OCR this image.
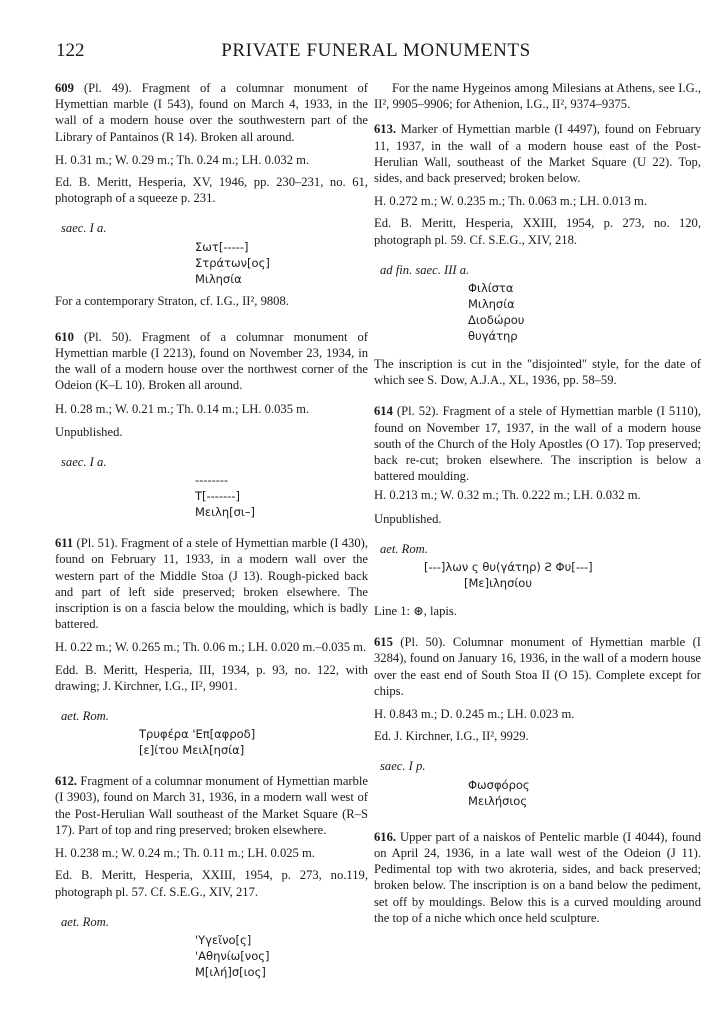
122	PRIVATE FUNERAL MONUMENTS

609 (Pl. 49). Fragment of a columnar monument of Hymettian marble (I 543), found on March 4, 1933, in the wall of a modern house over the southwestern part of the Library of Pantainos (R 14). Broken all around.

H. 0.31 m.; W. 0.29 m.; Th. 0.24 m.; LH. 0.032 m.

Ed. B. Meritt, Hesperia, XV, 1946, pp. 230–231, no. 61, photograph of a squeeze p. 231.

saec. I a.
Σωτ[-----]
Στράτων[ος]
Μιλησία

For a contemporary Straton, cf. I.G., II², 9808.

610 (Pl. 50). Fragment of a columnar monument of Hymettian marble (I 2213), found on November 23, 1934, in the wall of a modern house over the northwest corner of the Odeion (K–L 10). Broken all around.

H. 0.28 m.; W. 0.21 m.; Th. 0.14 m.; LH. 0.035 m.

Unpublished.

saec. I a.
--------
Τ[-------]
Μειλη[σι–]

611 (Pl. 51). Fragment of a stele of Hymettian marble (I 430), found on February 11, 1933, in a modern wall over the western part of the Middle Stoa (J 13). Rough-picked back and part of left side preserved; broken elsewhere. The inscription is on a fascia below the moulding, which is badly battered.

H. 0.22 m.; W. 0.265 m.; Th. 0.06 m.; LH. 0.020 m.–0.035 m.

Edd. B. Meritt, Hesperia, III, 1934, p. 93, no. 122, with drawing; J. Kirchner, I.G., II², 9901.

aet. Rom.
Τρυφέρα 'Επ[αφροδ]
[ε]ίτου Μειλ[ησία]

612. Fragment of a columnar monument of Hymettian marble (I 3903), found on March 31, 1936, in a modern wall west of the Post-Herulian Wall southeast of the Market Square (R–S 17). Part of top and ring preserved; broken elsewhere.

H. 0.238 m.; W. 0.24 m.; Th. 0.11 m.; LH. 0.025 m.

Ed. B. Meritt, Hesperia, XXIII, 1954, p. 273, no.119, photograph pl. 57. Cf. S.E.G., XIV, 217.

aet. Rom.
'Υγεῖνο[ς]
'Αθηνίω[νος]
Μ[ιλή]σ[ιος]

For the name Hygeinos among Milesians at Athens, see I.G., II², 9905–9906; for Athenion, I.G., II², 9374–9375.

613. Marker of Hymettian marble (I 4497), found on February 11, 1937, in the wall of a modern house east of the Post-Herulian Wall, southeast of the Market Square (U 22). Top, sides, and back preserved; broken below.

H. 0.272 m.; W. 0.235 m.; Th. 0.063 m.; LH. 0.013 m.

Ed. B. Meritt, Hesperia, XXIII, 1954, p. 273, no. 120, photograph pl. 59. Cf. S.E.G., XIV, 218.

ad fin. saec. III a.
Φιλίστα
Μιλησία
Διοδώρου
θυγάτηρ

The inscription is cut in the "disjointed" style, for the date of which see S. Dow, A.J.A., XL, 1936, pp. 58–59.

614 (Pl. 52). Fragment of a stele of Hymettian marble (I 5110), found on November 17, 1937, in the wall of a modern house south of the Church of the Holy Apostles (O 17). Top preserved; back re-cut; broken elsewhere. The inscription is below a battered moulding.

H. 0.213 m.; W. 0.32 m.; Th. 0.222 m.; LH. 0.032 m.

Unpublished.

aet. Rom.
[---]λων ς θυ(γάτηρ) Ƨ Φυ[---]
[Με]ιλησίου

Line 1: ⊛, lapis.

615 (Pl. 50). Columnar monument of Hymettian marble (I 3284), found on January 16, 1936, in the wall of a modern house over the east end of South Stoa II (O 15). Complete except for chips.

H. 0.843 m.; D. 0.245 m.; LH. 0.023 m.

Ed. J. Kirchner, I.G., II², 9929.

saec. I p.
Φωσφόρος
Μειλήσιος

616. Upper part of a naiskos of Pentelic marble (I 4044), found on April 24, 1936, in a late wall west of the Odeion (J 11). Pedimental top with two akroteria, sides, and back preserved; broken below. The inscription is on a band below the pediment, set off by mouldings. Below this is a curved moulding around the top of a niche which once held sculpture.
